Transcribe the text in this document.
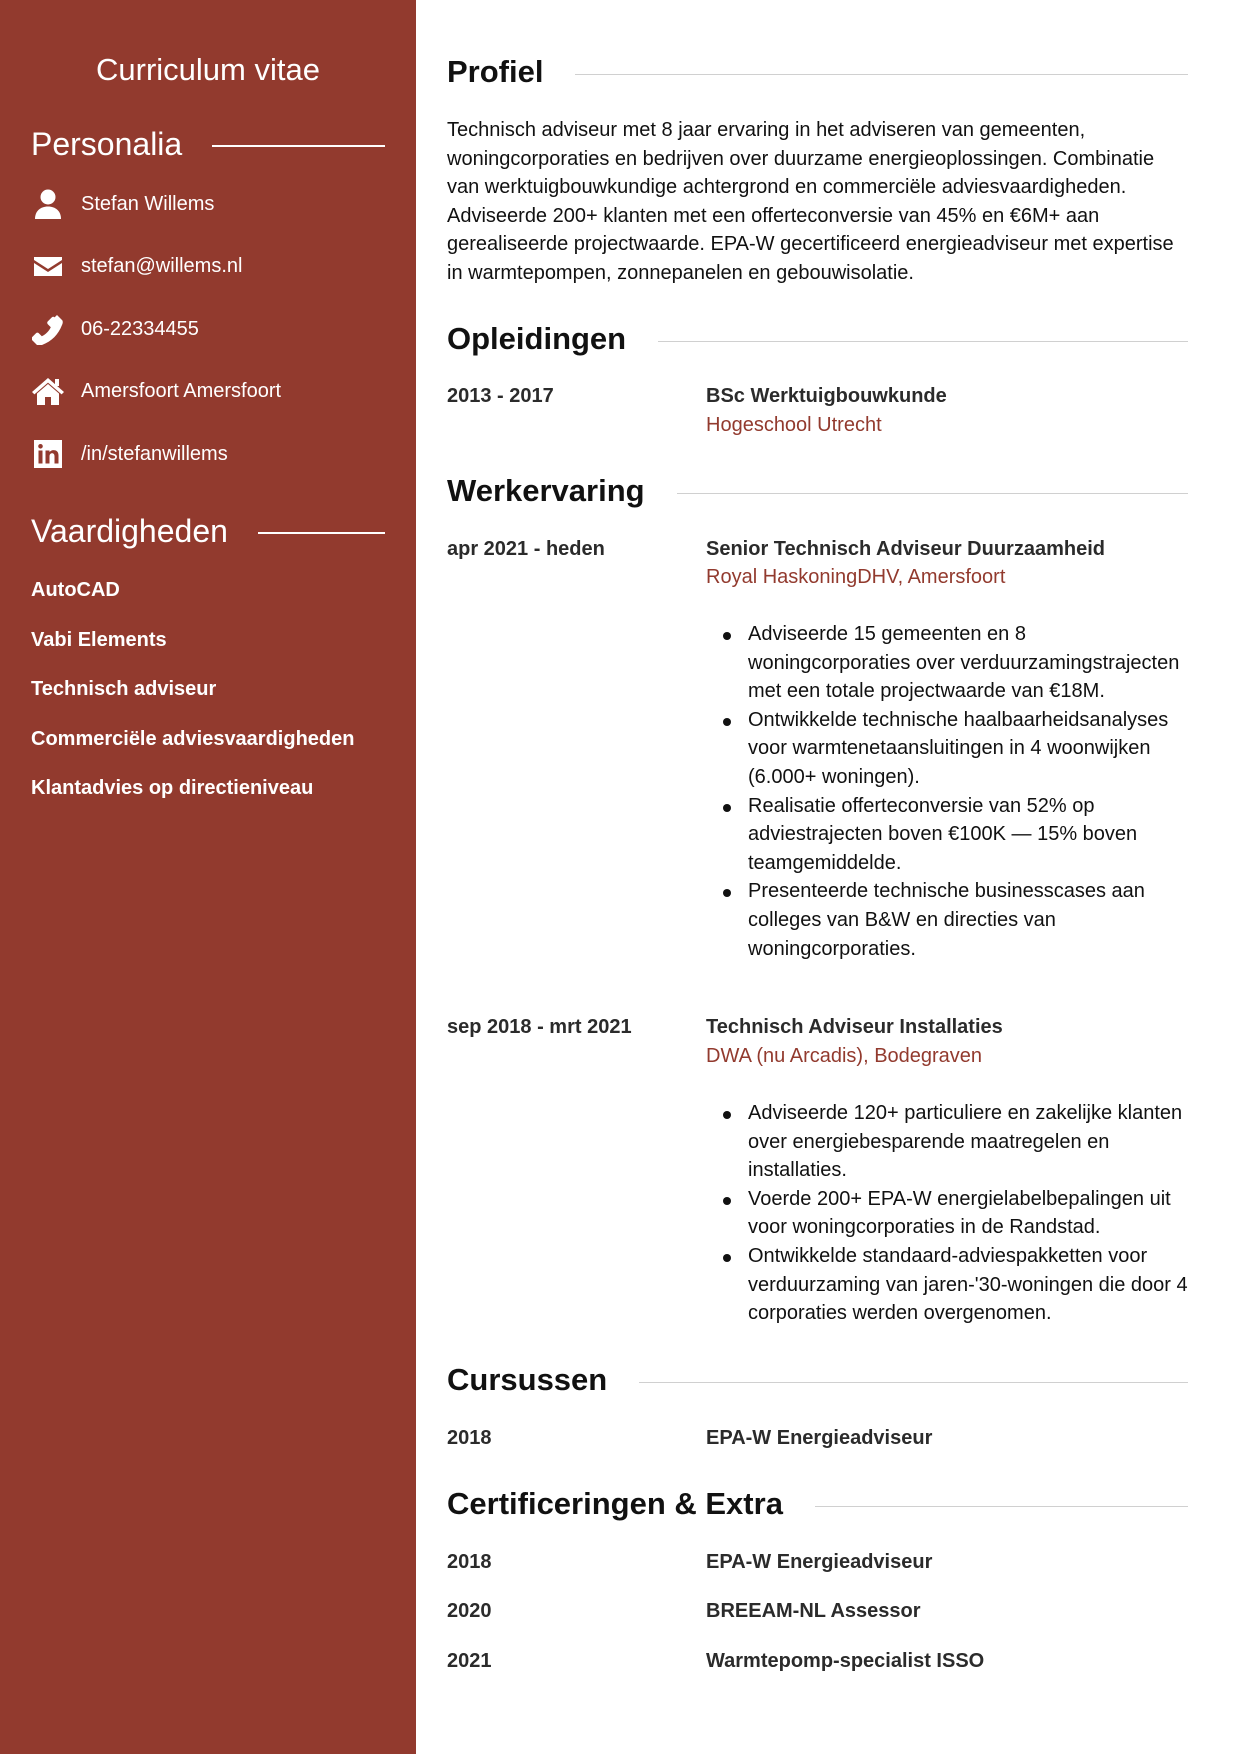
Curriculum vitae
Personalia
Stefan Willems
stefan@willems.nl
06-22334455
Amersfoort Amersfoort
/in/stefanwillems
Vaardigheden
AutoCAD
Vabi Elements
Technisch adviseur
Commerciële adviesvaardigheden
Klantadvies op directieniveau
Profiel

Technisch adviseur met 8 jaar ervaring in het adviseren van gemeenten, woningcorporaties en bedrijven over duurzame energieoplossingen. Combinatie van werktuigbouwkundige achtergrond en commerciële adviesvaardigheden. Adviseerde 200+ klanten met een offerteconversie van 45% en €6M+ aan gerealiseerde projectwaarde. EPA-W gecertificeerd energieadviseur met expertise in warmtepompen, zonnepanelen en gebouwisolatie.

Opleidingen
2013 - 2017	BSc Werktuigbouwkunde
Hogeschool Utrecht
Werkervaring
apr 2021 - heden	Senior Technisch Adviseur Duurzaamheid
Royal HaskoningDHV, Amersfoort
Adviseerde 15 gemeenten en 8 woningcorporaties over verduurzamingstrajecten met een totale projectwaarde van €18M.
Ontwikkelde technische haalbaarheidsanalyses voor warmtenetaansluitingen in 4 woonwijken (6.000+ woningen).
Realisatie offerteconversie van 52% op adviestrajecten boven €100K — 15% boven teamgemiddelde.
Presenteerde technische businesscases aan colleges van B&W en directies van woningcorporaties.
sep 2018 - mrt 2021	Technisch Adviseur Installaties
DWA (nu Arcadis), Bodegraven
Adviseerde 120+ particuliere en zakelijke klanten over energiebesparende maatregelen en installaties.
Voerde 200+ EPA-W energielabelbepalingen uit voor woningcorporaties in de Randstad.
Ontwikkelde standaard-adviespakketten voor verduurzaming van jaren-'30-woningen die door 4 corporaties werden overgenomen.
Cursussen
2018	EPA-W Energieadviseur
Certificeringen & Extra
2018	EPA-W Energieadviseur
2020	BREEAM-NL Assessor
2021	Warmtepomp-specialist ISSO
